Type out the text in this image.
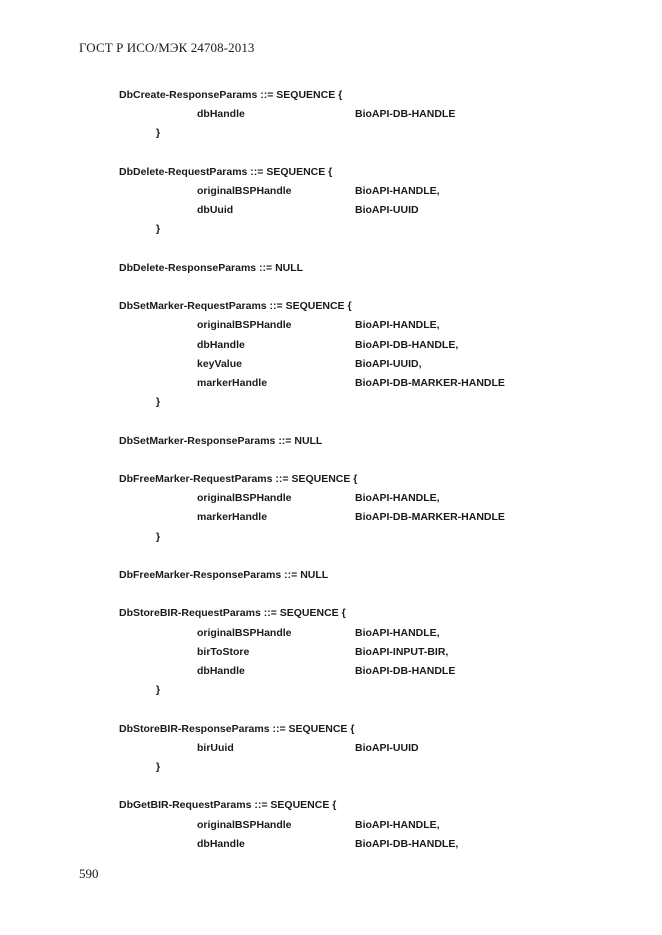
ГОСТ Р ИСО/МЭК 24708-2013
DbCreate-ResponseParams ::= SEQUENCE {
dbHandle	BioAPI-DB-HANDLE
}
DbDelete-RequestParams ::= SEQUENCE {
originalBSPHandle	BioAPI-HANDLE,
dbUuid	BioAPI-UUID
}
DbDelete-ResponseParams ::= NULL
DbSetMarker-RequestParams ::= SEQUENCE {
originalBSPHandle	BioAPI-HANDLE,
dbHandle	BioAPI-DB-HANDLE,
keyValue	BioAPI-UUID,
markerHandle	BioAPI-DB-MARKER-HANDLE
}
DbSetMarker-ResponseParams ::= NULL
DbFreeMarker-RequestParams ::= SEQUENCE {
originalBSPHandle	BioAPI-HANDLE,
markerHandle	BioAPI-DB-MARKER-HANDLE
}
DbFreeMarker-ResponseParams ::= NULL
DbStoreBIR-RequestParams ::= SEQUENCE {
originalBSPHandle	BioAPI-HANDLE,
birToStore	BioAPI-INPUT-BIR,
dbHandle	BioAPI-DB-HANDLE
}
DbStoreBIR-ResponseParams ::= SEQUENCE {
birUuid	BioAPI-UUID
}
DbGetBIR-RequestParams ::= SEQUENCE {
originalBSPHandle	BioAPI-HANDLE,
dbHandle	BioAPI-DB-HANDLE,
590
